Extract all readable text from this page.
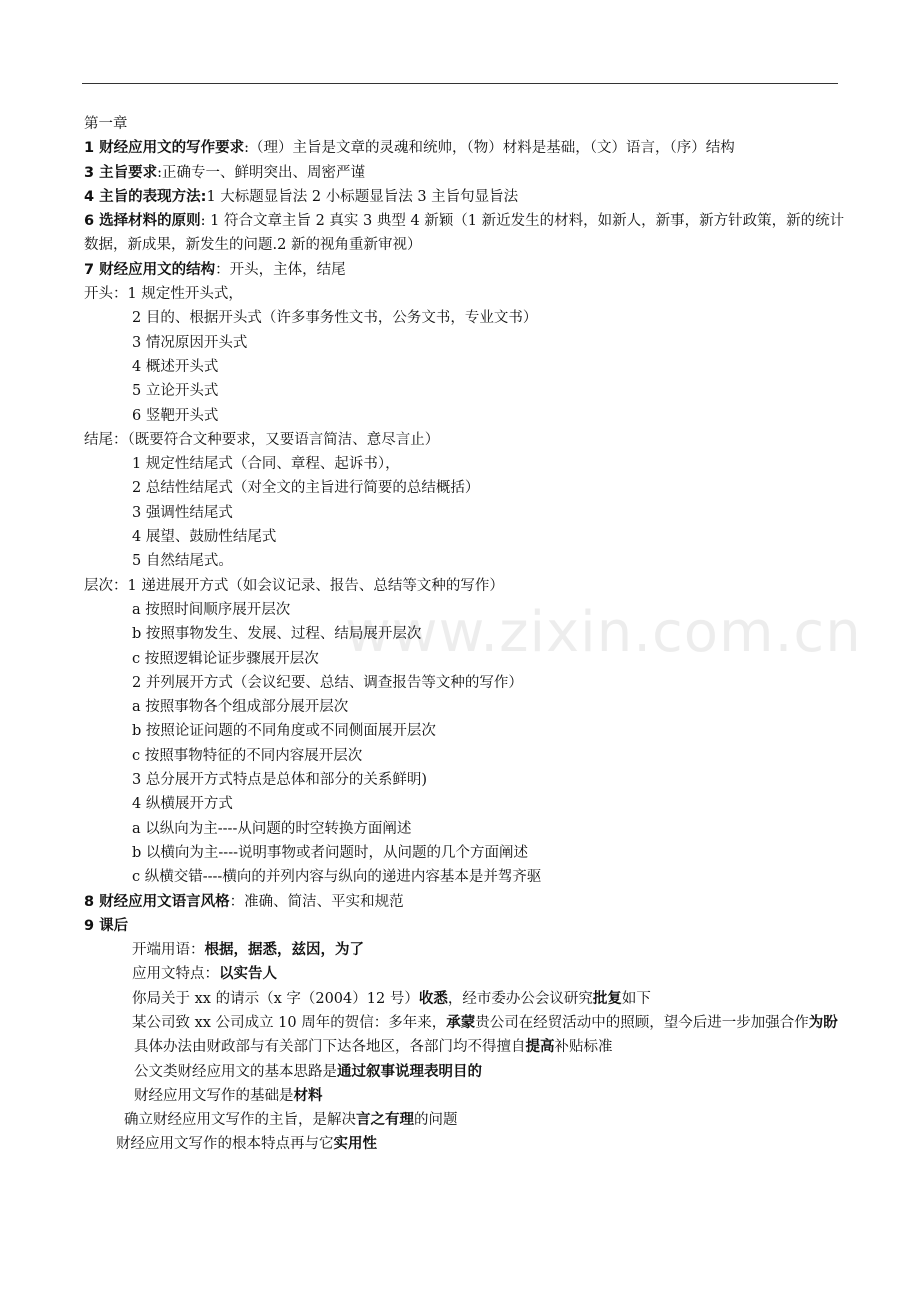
第一章
1 财经应用文的写作要求:（理）主旨是文章的灵魂和统帅，（物）材料是基础，（文）语言，（序）结构
3 主旨要求:正确专一、鲜明突出、周密严谨
4 主旨的表现方法:1 大标题显旨法 2 小标题显旨法 3 主旨句显旨法
6 选择材料的原则: 1 符合文章主旨 2 真实 3 典型 4 新颖（1 新近发生的材料，如新人，新事，新方针政策，新的统计数据，新成果，新发生的问题.2 新的视角重新审视）
7 财经应用文的结构：开头，主体，结尾
开头：1 规定性开头式，
2 目的、根据开头式（许多事务性文书，公务文书，专业文书）
3 情况原因开头式
4 概述开头式
5 立论开头式
6 竖靶开头式
结尾：（既要符合文种要求，又要语言简洁、意尽言止）
1 规定性结尾式（合同、章程、起诉书），
2 总结性结尾式（对全文的主旨进行简要的总结概括）
3 强调性结尾式
4 展望、鼓励性结尾式
5 自然结尾式。
层次：1 递进展开方式（如会议记录、报告、总结等文种的写作）
a 按照时间顺序展开层次
b 按照事物发生、发展、过程、结局展开层次
c 按照逻辑论证步骤展开层次
2 并列展开方式（会议纪要、总结、调查报告等文种的写作）
a 按照事物各个组成部分展开层次
b 按照论证问题的不同角度或不同侧面展开层次
c 按照事物特征的不同内容展开层次
3 总分展开方式特点是总体和部分的关系鲜明)
4 纵横展开方式
a 以纵向为主----从问题的时空转换方面阐述
b 以横向为主----说明事物或者问题时，从问题的几个方面阐述
c 纵横交错----横向的并列内容与纵向的递进内容基本是并驾齐驱
8 财经应用文语言风格：准确、简洁、平实和规范
9 课后
开端用语：根据，据悉，兹因，为了
应用文特点：以实告人
你局关于 xx 的请示（x 字（2004）12 号）收悉，经市委办公会议研究批复如下
某公司致 xx 公司成立 10 周年的贺信：多年来，承蒙贵公司在经贸活动中的照顾，望今后进一步加强合作为盼
具体办法由财政部与有关部门下达各地区，各部门均不得擅自提高补贴标准
公文类财经应用文的基本思路是通过叙事说理表明目的
财经应用文写作的基础是材料
确立财经应用文写作的主旨，是解决言之有理的问题
财经应用文写作的根本特点再与它实用性
www.zixin.com.cn
